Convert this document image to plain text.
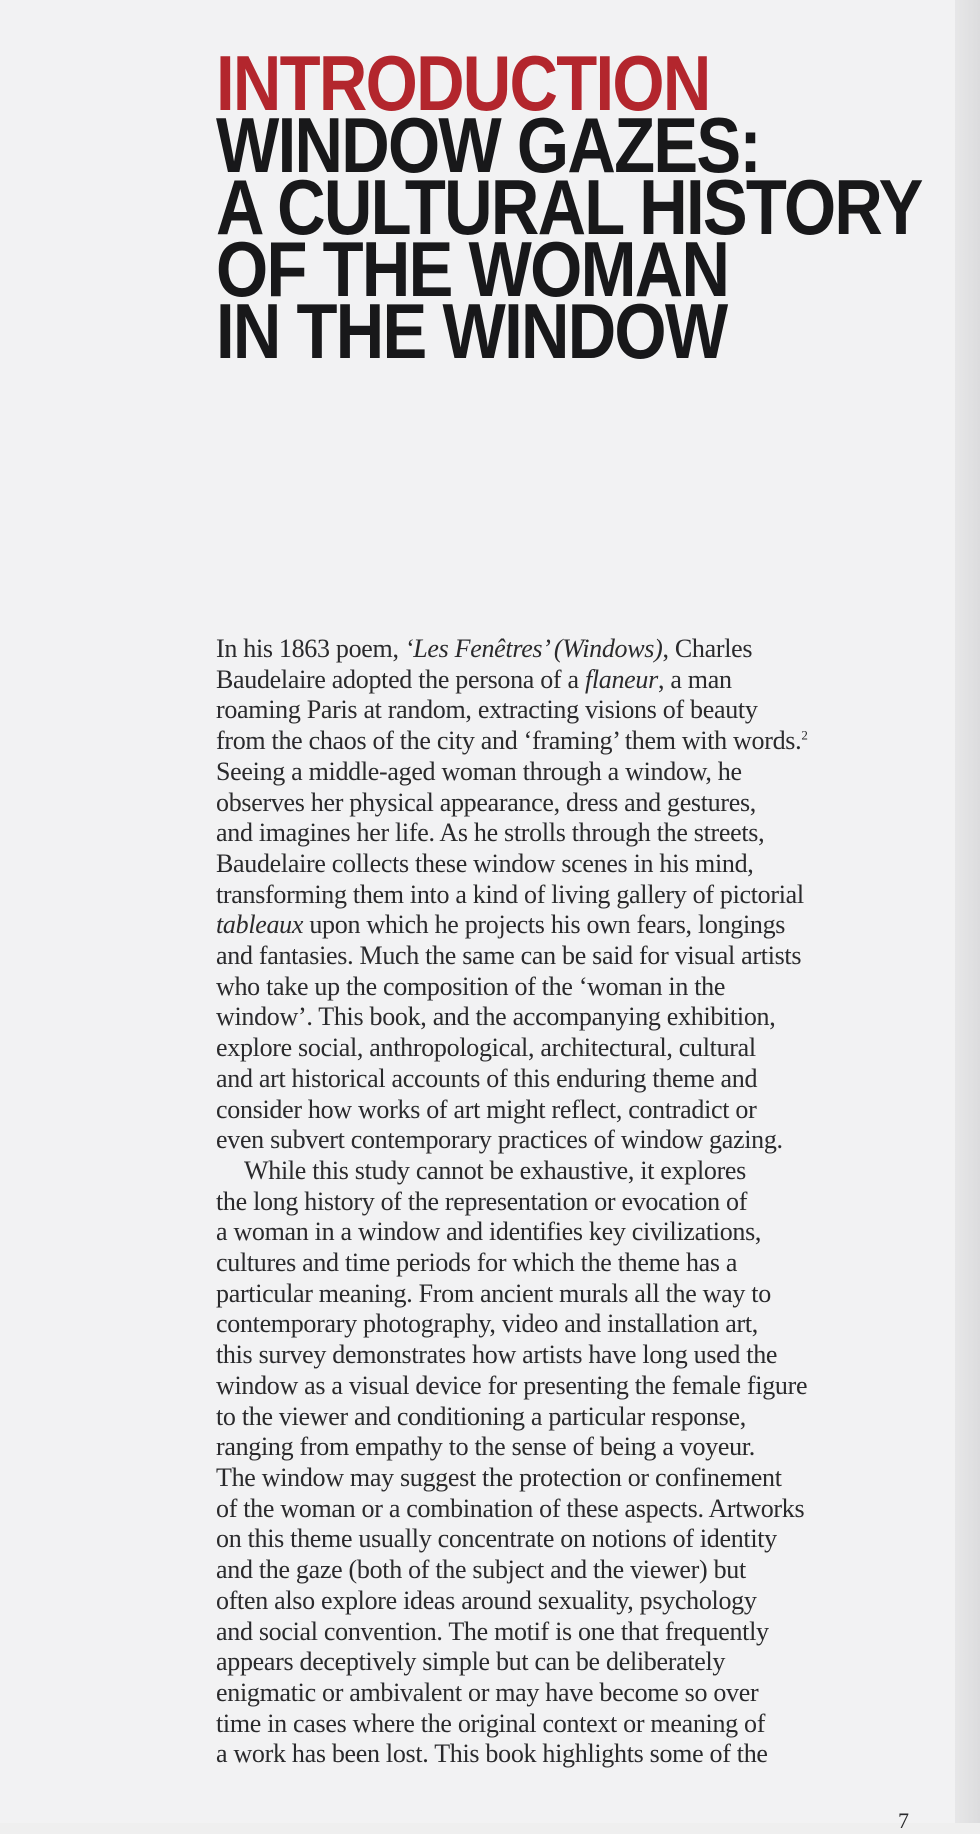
INTRODUCTION
WINDOW GAZES:
A CULTURAL HISTORY
OF THE WOMAN
IN THE WINDOW
In his 1863 poem, ‘Les Fenêtres’ (Windows), Charles
Baudelaire adopted the persona of a flaneur, a man
roaming Paris at random, extracting visions of beauty
from the chaos of the city and ‘framing’ them with words.$^2$
Seeing a middle-aged woman through a window, he
observes her physical appearance, dress and gestures,
and imagines her life. As he strolls through the streets,
Baudelaire collects these window scenes in his mind,
transforming them into a kind of living gallery of pictorial
tableaux upon which he projects his own fears, longings
and fantasies. Much the same can be said for visual artists
who take up the composition of the ‘woman in the
window’. This book, and the accompanying exhibition,
explore social, anthropological, architectural, cultural
and art historical accounts of this enduring theme and
consider how works of art might reflect, contradict or
even subvert contemporary practices of window gazing.
While this study cannot be exhaustive, it explores
the long history of the representation or evocation of
a woman in a window and identifies key civilizations,
cultures and time periods for which the theme has a
particular meaning. From ancient murals all the way to
contemporary photography, video and installation art,
this survey demonstrates how artists have long used the
window as a visual device for presenting the female figure
to the viewer and conditioning a particular response,
ranging from empathy to the sense of being a voyeur.
The window may suggest the protection or confinement
of the woman or a combination of these aspects. Artworks
on this theme usually concentrate on notions of identity
and the gaze (both of the subject and the viewer) but
often also explore ideas around sexuality, psychology
and social convention. The motif is one that frequently
appears deceptively simple but can be deliberately
enigmatic or ambivalent or may have become so over
time in cases where the original context or meaning of
a work has been lost. This book highlights some of the
7
